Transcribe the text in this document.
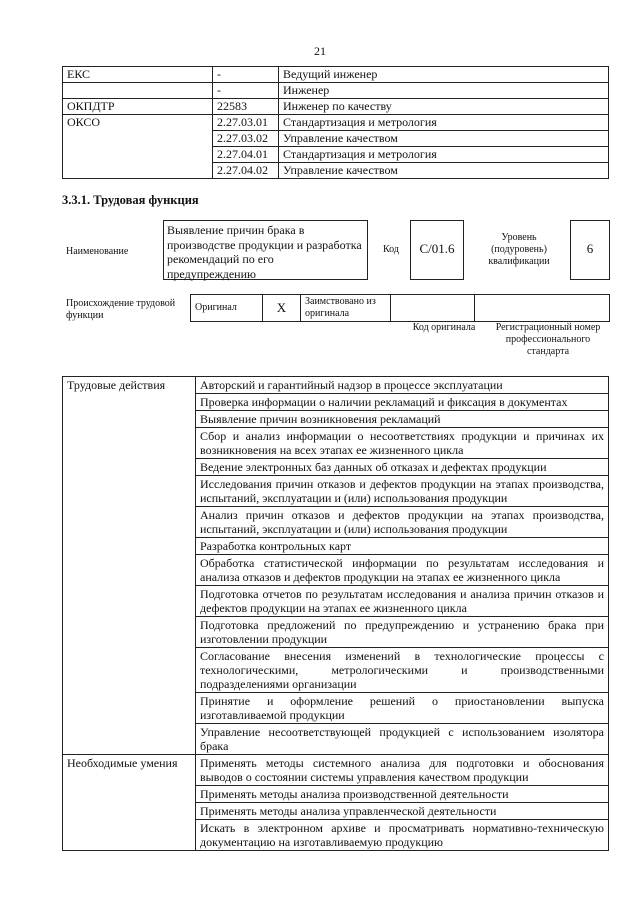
21
ЕКС	-	Ведущий инженер
	-	Инженер
ОКПДТР	22583	Инженер по качеству
ОКСО	2.27.03.01	Стандартизация и метрология
	2.27.03.02	Управление качеством
	2.27.04.01	Стандартизация и метрология
	2.27.04.02	Управление качеством
3.3.1. Трудовая функция
Наименование
Выявление причин брака в производстве продукции и разработка рекомендаций по его предупреждению
Код	C/01.6
Уровень (подуровень) квалификации
6
Происхождение трудовой функции
Оригинал	X	Заимствовано из оригинала		
Код оригинала	Регистрационный номер профессионального стандарта
Трудовые действия	Авторский и гарантийный надзор в процессе эксплуатации
	Проверка информации о наличии рекламаций и фиксация в документах
	Выявление причин возникновения рекламаций
	Сбор и анализ информации о несоответствиях продукции и причинах их возникновения на всех этапах ее жизненного цикла
	Ведение электронных баз данных об отказах и дефектах продукции
	Исследования причин отказов и дефектов продукции на этапах производства, испытаний, эксплуатации и (или) использования продукции
	Анализ причин отказов и дефектов продукции на этапах производства, испытаний, эксплуатации и (или) использования продукции
	Разработка контрольных карт
	Обработка статистической информации по результатам исследования и анализа отказов и дефектов продукции на этапах ее жизненного цикла
	Подготовка отчетов по результатам исследования и анализа причин отказов и дефектов продукции на этапах ее жизненного цикла
	Подготовка предложений по предупреждению и устранению брака при изготовлении продукции
	Согласование внесения изменений в технологические процессы с технологическими, метрологическими и производственными подразделениями организации
	Принятие и оформление решений о приостановлении выпуска изготавливаемой продукции
	Управление несоответствующей продукцией с использованием изолятора брака
Необходимые умения	Применять методы системного анализа для подготовки и обоснования выводов о состоянии системы управления качеством продукции
	Применять методы анализа производственной деятельности
	Применять методы анализа управленческой деятельности
	Искать в электронном архиве и просматривать нормативно-техническую документацию на изготавливаемую продукцию
